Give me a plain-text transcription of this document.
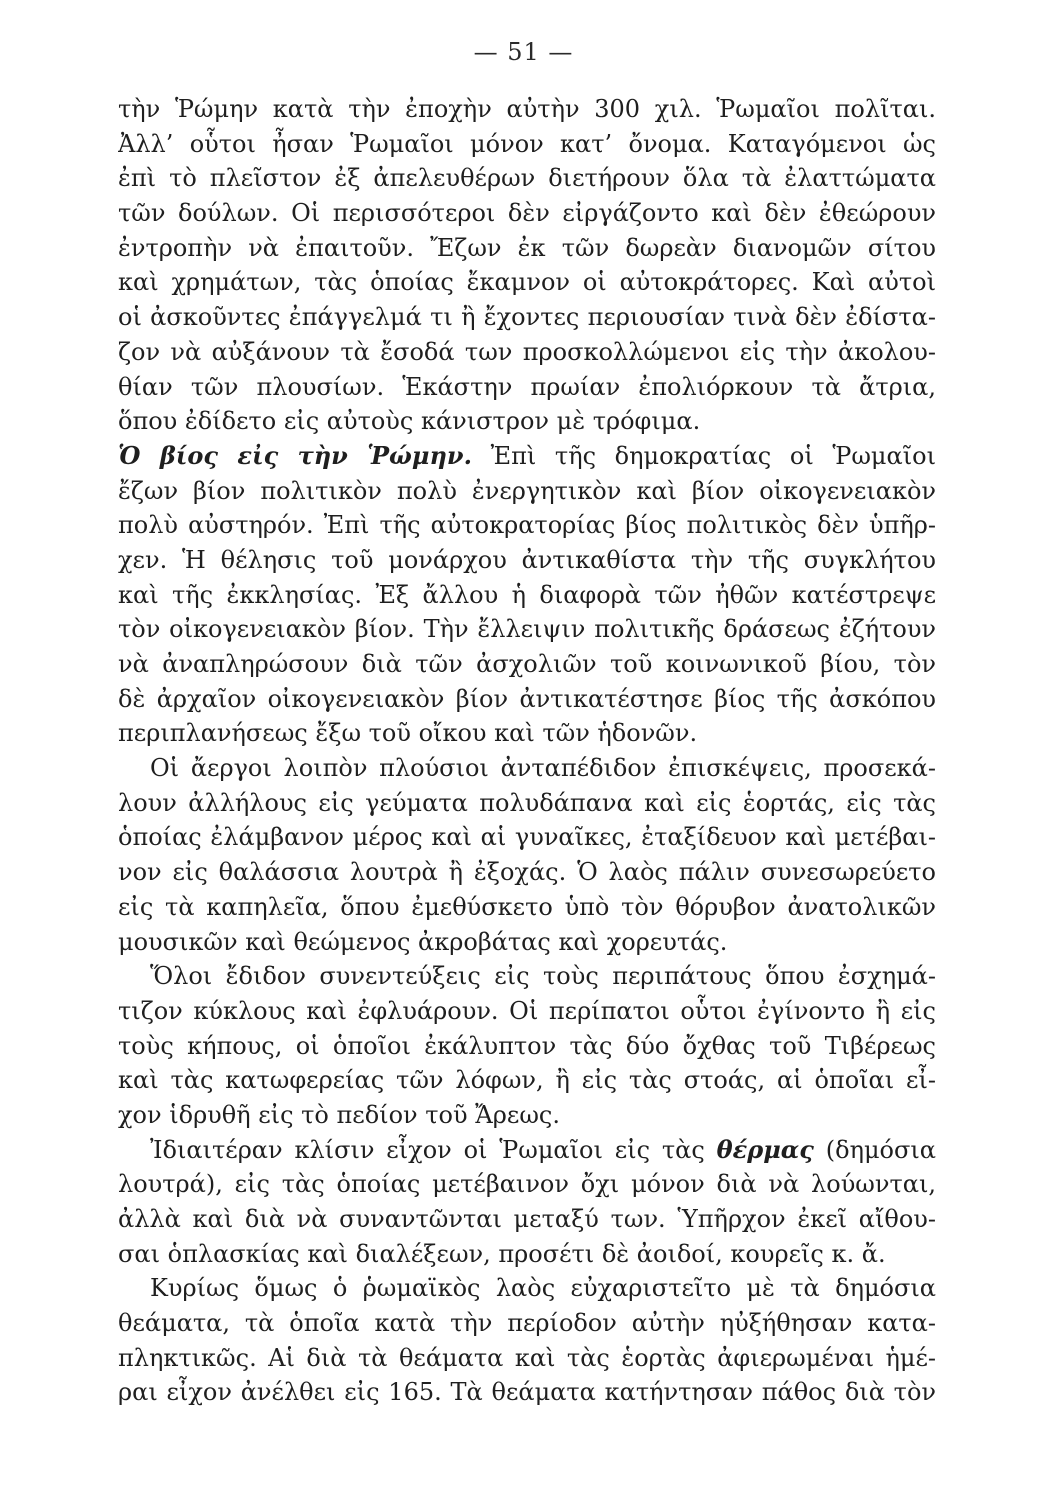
— 51 —
τὴν Ῥώμην κατὰ τὴν ἐποχὴν αὐτὴν 300 χιλ. Ῥωμαῖοι πολῖται.
Ἀλλ’ οὗτοι ἦσαν Ῥωμαῖοι μόνον κατ’ ὄνομα. Καταγόμενοι ὡς
ἐπὶ τὸ πλεῖστον ἐξ ἀπελευθέρων διετήρουν ὅλα τὰ ἐλαττώματα
τῶν δούλων. Οἱ περισσότεροι δὲν εἰργάζοντο καὶ δὲν ἐθεώρουν
ἐντροπὴν νὰ ἐπαιτοῦν. Ἔζων ἐκ τῶν δωρεὰν διανομῶν σίτου
καὶ χρημάτων, τὰς ὁποίας ἔκαμνον οἱ αὐτοκράτορες. Καὶ αὐτοὶ
οἱ ἀσκοῦντες ἐπάγγελμά τι ἢ ἔχοντες περιουσίαν τινὰ δὲν ἐδίστα-
ζον νὰ αὐξάνουν τὰ ἔσοδά των προσκολλώμενοι εἰς τὴν ἀκολου-
θίαν τῶν πλουσίων. Ἑκάστην πρωίαν ἐπολιόρκουν τὰ ἄτρια,
ὅπου ἐδίδετο εἰς αὐτοὺς κάνιστρον μὲ τρόφιμα.
Ὁ βίος εἰς τὴν Ῥώμην. Ἐπὶ τῆς δημοκρατίας οἱ Ῥωμαῖοι
ἔζων βίον πολιτικὸν πολὺ ἐνεργητικὸν καὶ βίον οἰκογενειακὸν
πολὺ αὐστηρόν. Ἐπὶ τῆς αὐτοκρατορίας βίος πολιτικὸς δὲν ὑπῆρ-
χεν. Ἡ θέλησις τοῦ μονάρχου ἀντικαθίστα τὴν τῆς συγκλήτου
καὶ τῆς ἐκκλησίας. Ἐξ ἄλλου ἡ διαφορὰ τῶν ἠθῶν κατέστρεψε
τὸν οἰκογενειακὸν βίον. Τὴν ἔλλειψιν πολιτικῆς δράσεως ἐζήτουν
νὰ ἀναπληρώσουν διὰ τῶν ἀσχολιῶν τοῦ κοινωνικοῦ βίου, τὸν
δὲ ἀρχαῖον οἰκογενειακὸν βίον ἀντικατέστησε βίος τῆς ἀσκόπου
περιπλανήσεως ἔξω τοῦ οἴκου καὶ τῶν ἡδονῶν.
Οἱ ἄεργοι λοιπὸν πλούσιοι ἀνταπέδιδον ἐπισκέψεις, προσεκά-
λουν ἀλλήλους εἰς γεύματα πολυδάπανα καὶ εἰς ἑορτάς, εἰς τὰς
ὁποίας ἐλάμβανον μέρος καὶ αἱ γυναῖκες, ἐταξίδευον καὶ μετέβαι-
νον εἰς θαλάσσια λουτρὰ ἢ ἐξοχάς. Ὁ λαὸς πάλιν συνεσωρεύετο
εἰς τὰ καπηλεῖα, ὅπου ἐμεθύσκετο ὑπὸ τὸν θόρυβον ἀνατολικῶν
μουσικῶν καὶ θεώμενος ἀκροβάτας καὶ χορευτάς.
Ὅλοι ἔδιδον συνεντεύξεις εἰς τοὺς περιπάτους ὅπου ἐσχημά-
τιζον κύκλους καὶ ἐφλυάρουν. Οἱ περίπατοι οὗτοι ἐγίνοντο ἢ εἰς
τοὺς κήπους, οἱ ὁποῖοι ἐκάλυπτον τὰς δύο ὄχθας τοῦ Τιβέρεως
καὶ τὰς κατωφερείας τῶν λόφων, ἢ εἰς τὰς στοάς, αἱ ὁποῖαι εἶ-
χον ἱδρυθῆ εἰς τὸ πεδίον τοῦ Ἄρεως.
Ἰδιαιτέραν κλίσιν εἶχον οἱ Ῥωμαῖοι εἰς τὰς θέρμας (δημόσια
λουτρά), εἰς τὰς ὁποίας μετέβαινον ὄχι μόνον διὰ νὰ λούωνται,
ἀλλὰ καὶ διὰ νὰ συναντῶνται μεταξύ των. Ὑπῆρχον ἐκεῖ αἴθου-
σαι ὁπλασκίας καὶ διαλέξεων, προσέτι δὲ ἀοιδοί, κουρεῖς κ. ἄ.
Κυρίως ὅμως ὁ ῥωμαϊκὸς λαὸς εὐχαριστεῖτο μὲ τὰ δημόσια
θεάματα, τὰ ὁποῖα κατὰ τὴν περίοδον αὐτὴν ηὐξήθησαν κατα-
πληκτικῶς. Αἱ διὰ τὰ θεάματα καὶ τὰς ἑορτὰς ἀφιερωμέναι ἡμέ-
ραι εἶχον ἀνέλθει εἰς 165. Τὰ θεάματα κατήντησαν πάθος διὰ τὸν
